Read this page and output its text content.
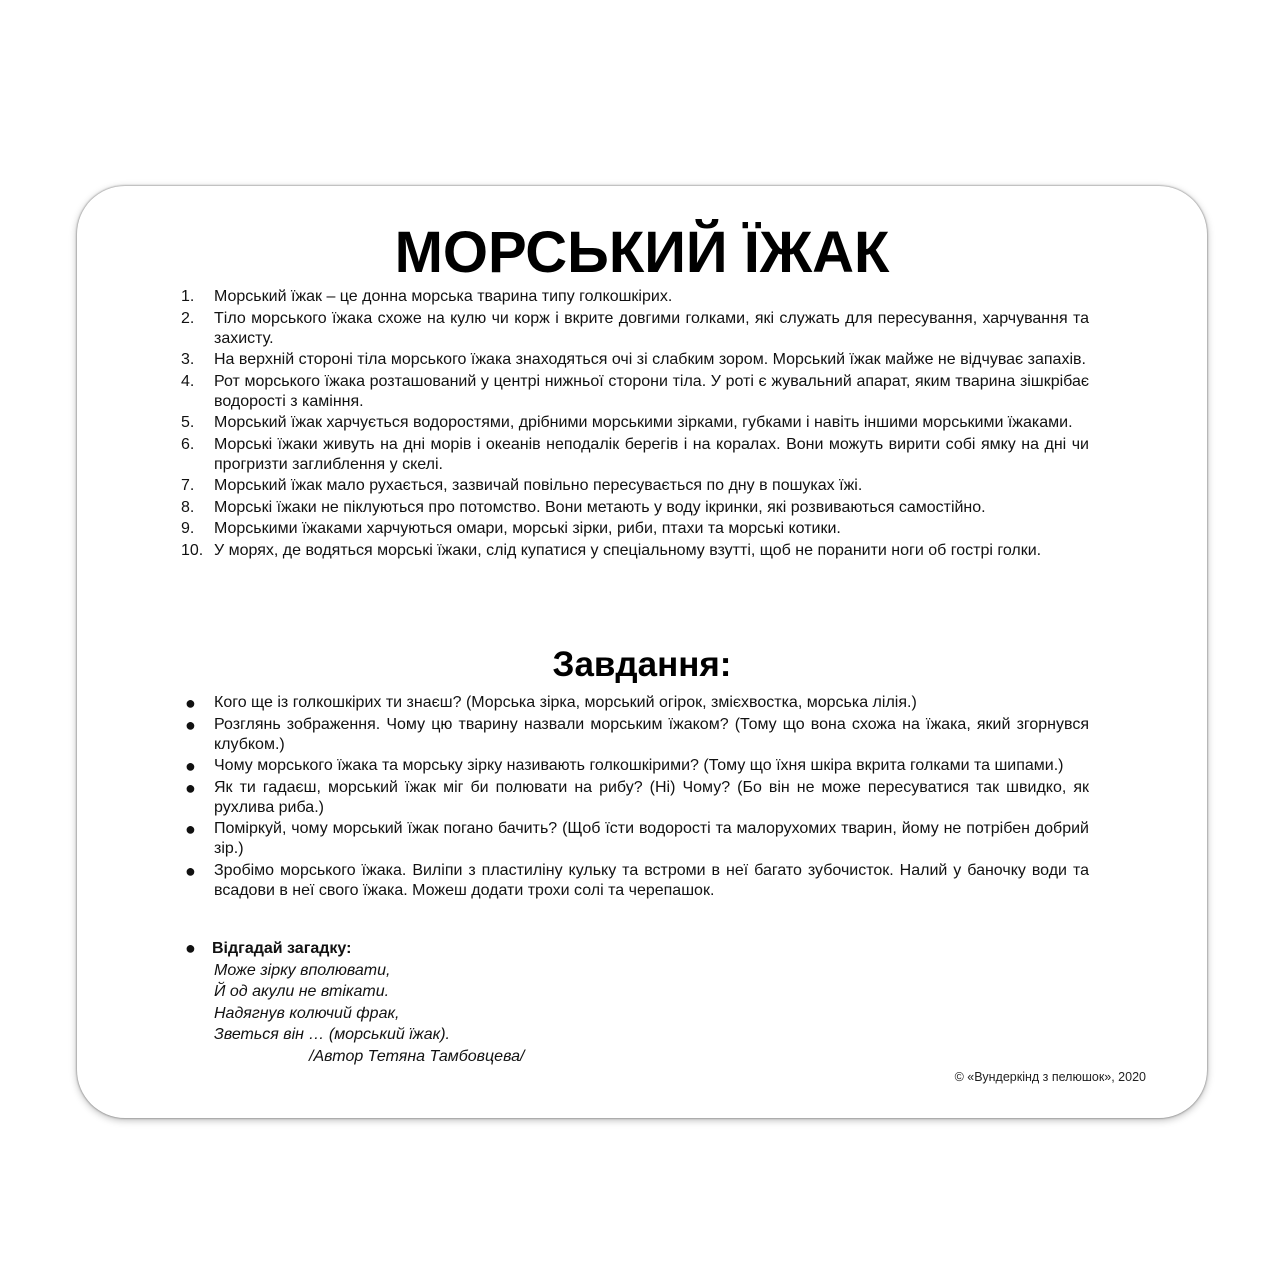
МОРСЬКИЙ ЇЖАК
1.	Морський їжак – це донна морська тварина типу голкошкірих.
2.	Тіло морського їжака схоже на кулю чи корж і вкрите довгими голками, які служать для пересування, харчування та захисту.
3.	На верхній стороні тіла морського їжака знаходяться очі зі слабким зором. Морський їжак майже не відчуває запахів.
4.	Рот морського їжака розташований у центрі нижньої сторони тіла. У роті є жувальний апарат, яким тварина зішкрібає водорості з каміння.
5.	Морський їжак харчується водоростями, дрібними морськими зірками, губками і навіть іншими морськими їжаками.
6.	Морські їжаки живуть на дні морів і океанів неподалік берегів і на коралах. Вони можуть вирити собі ямку на дні чи прогризти заглиблення у скелі.
7.	Морський їжак мало рухається, зазвичай повільно пересувається по дну в пошуках їжі.
8.	Морські їжаки не піклуються про потомство. Вони метають у воду ікринки, які розвиваються самостійно.
9.	Морськими їжаками харчуються омари, морські зірки, риби, птахи та морські котики.
10. У морях, де водяться морські їжаки, слід купатися у спеціальному взутті, щоб не поранити ноги об гострі голки.
Завдання:
● Кого ще із голкошкірих ти знаєш? (Морська зірка, морський огірок, змієхвостка, морська лілія.)
● Розглянь зображення. Чому цю тварину назвали морським їжаком? (Тому що вона схожа на їжака, який згорнувся клубком.)
● Чому морського їжака та морську зірку називають голкошкірими? (Тому що їхня шкіра вкрита голками та шипами.)
● Як ти гадаєш, морський їжак міг би полювати на рибу? (Ні) Чому? (Бо він не може пересуватися так швидко, як рухлива риба.)
● Поміркуй, чому морський їжак погано бачить? (Щоб їсти водорості та малорухомих тварин, йому не потрібен добрий зір.)
● Зробімо морського їжака. Виліпи з пластиліну кульку та встроми в неї багато зубочисток. Налий у баночку води та всадови в неї свого їжака. Можеш додати трохи солі та черепашок.
● Відгадай загадку:
Може зірку вполювати,
Й од акули не втікати.
Надягнув колючий фрак,
Зветься він … (морський їжак).
/Автор Тетяна Тамбовцева/
© «Вундеркінд з пелюшок», 2020
